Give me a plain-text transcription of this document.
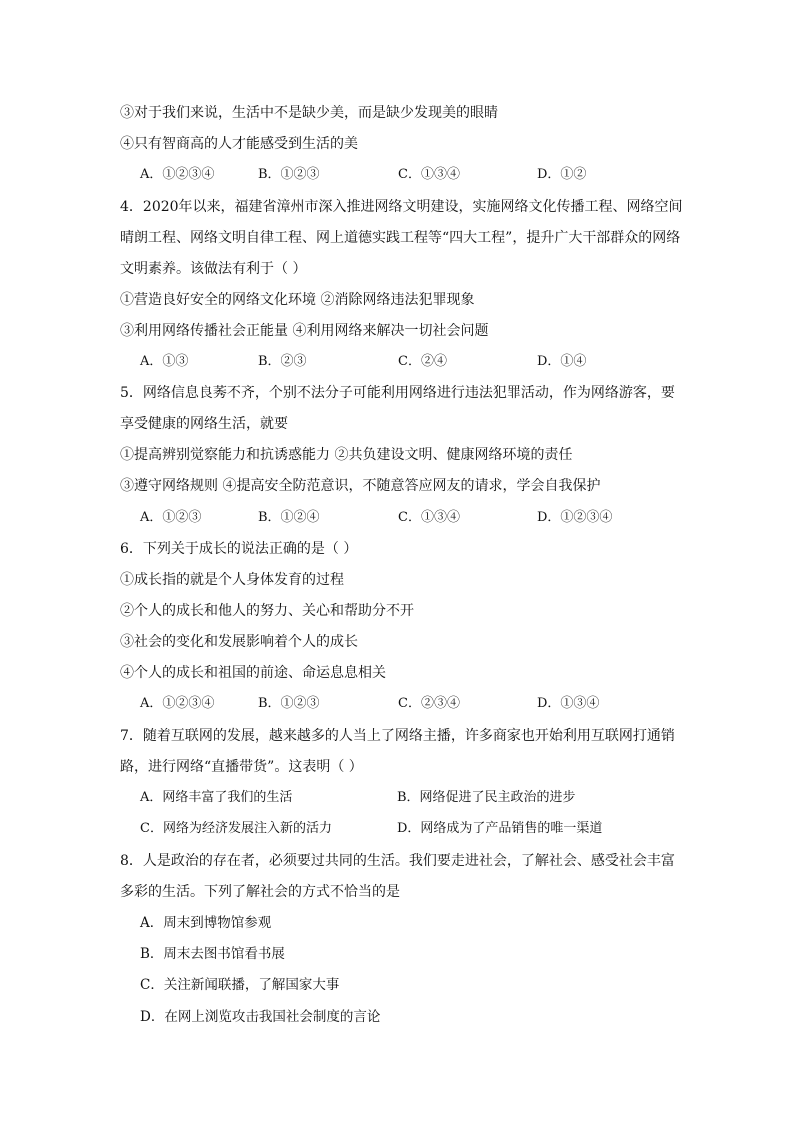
③对于我们来说，生活中不是缺少美，而是缺少发现美的眼睛
④只有智商高的人才能感受到生活的美
A．①②③④	B．①②③	C．①③④	D．①②
4．2020年以来，福建省漳州市深入推进网络文明建设，实施网络文化传播工程、网络空间
晴朗工程、网络文明自律工程、网上道德实践工程等“四大工程”，提升广大干部群众的网络
文明素养。该做法有利于（ ）
①营造良好安全的网络文化环境 ②消除网络违法犯罪现象
③利用网络传播社会正能量 ④利用网络来解决一切社会问题
A．①③	B．②③	C．②④	D．①④
5．网络信息良莠不齐，个别不法分子可能利用网络进行违法犯罪活动，作为网络游客，要
享受健康的网络生活，就要
①提高辨别觉察能力和抗诱惑能力 ②共负建设文明、健康网络环境的责任
③遵守网络规则 ④提高安全防范意识，不随意答应网友的请求，学会自我保护
A．①②③	B．①②④	C．①③④	D．①②③④
6．下列关于成长的说法正确的是（ ）
①成长指的就是个人身体发育的过程
②个人的成长和他人的努力、关心和帮助分不开
③社会的变化和发展影响着个人的成长
④个人的成长和祖国的前途、命运息息相关
A．①②③④	B．①②③	C．②③④	D．①③④
7．随着互联网的发展，越来越多的人当上了网络主播，许多商家也开始利用互联网打通销
路，进行网络“直播带货”。这表明（ ）
A．网络丰富了我们的生活	B．网络促进了民主政治的进步
C．网络为经济发展注入新的活力	D．网络成为了产品销售的唯一渠道
8．人是政治的存在者，必须要过共同的生活。我们要走进社会，了解社会、感受社会丰富
多彩的生活。下列了解社会的方式不恰当的是
A．周末到博物馆参观
B．周末去图书馆看书展
C．关注新闻联播，了解国家大事
D．在网上浏览攻击我国社会制度的言论
